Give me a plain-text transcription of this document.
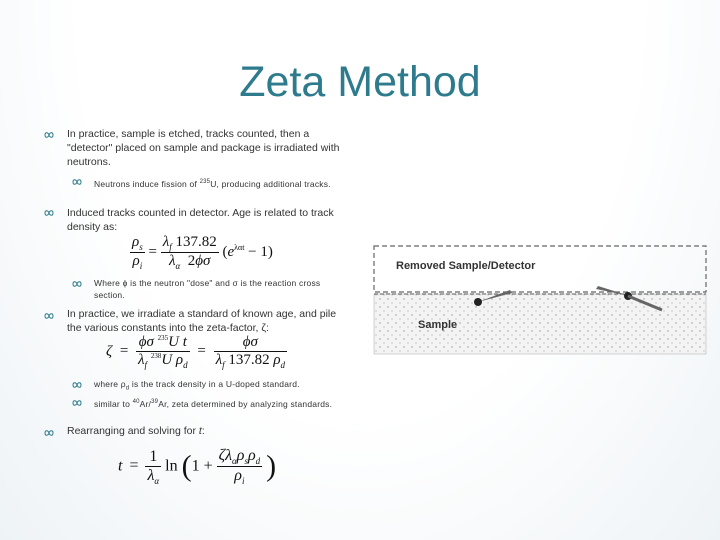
Zeta Method
In practice, sample is etched, tracks counted, then a "detector" placed on sample and package is irradiated with neutrons.
Neutrons induce fission of $^{235}$U, producing additional tracks.
Induced tracks counted in detector. Age is related to track density as:
$\frac{\rho_s}{\rho_i} = \frac{\lambda_f 137.82}{\lambda_\alpha 2\phi\sigma} (e^{\lambda\alpha t} - 1)$
Where ϕ is the neutron "dose" and σ is the reaction cross section.
In practice, we irradiate a standard of known age, and pile the various constants into the zeta-factor, ζ:
$\zeta = \frac{\phi\sigma ^{235}U t}{\lambda_f ^{238}U \rho_d} = \frac{\phi\sigma}{\lambda_f 137.82 \rho_d}$
where $\rho_d$ is the track density in a U-doped standard.
similar to $^{40}$Ar/$^{39}$Ar, zeta determined by analyzing standards.
Rearranging and solving for t:
$t = \frac{1}{\lambda_\alpha}$ $\ln (1 + \frac{\zeta\lambda_\alpha\rho_s\rho_d}{\rho_i}$ )
Removed Sample/Detector
Sample
